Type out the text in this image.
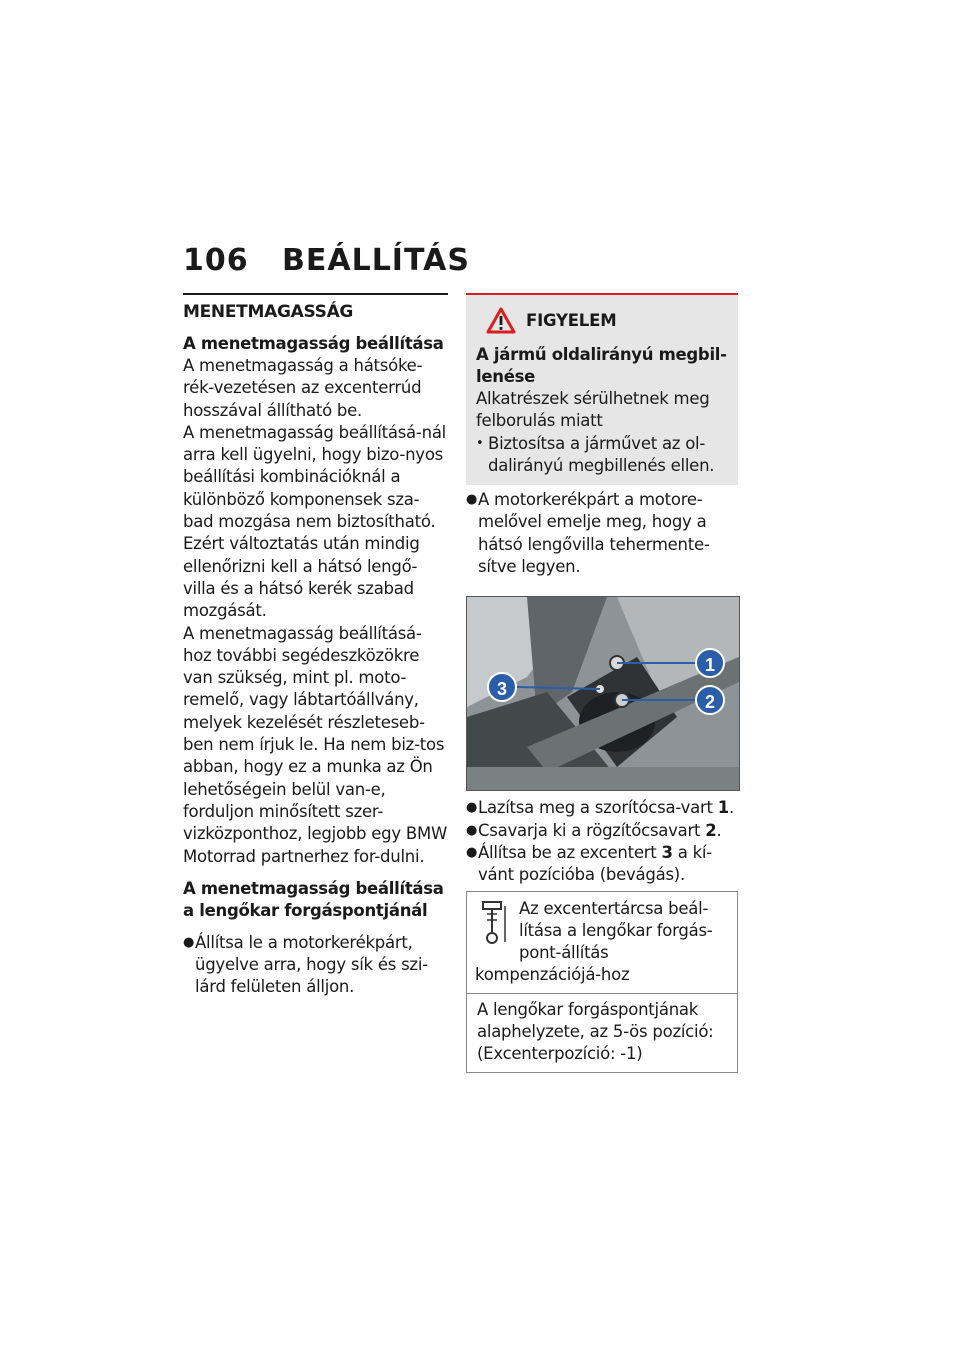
106 BEÁLLÍTÁS
MENETMAGASSÁG
A menetmagasság beállítása
A menetmagasság a hátsóke-rék-vezetésen az excenterrúd hosszával állítható be.
A menetmagasság beállításá-nál arra kell ügyelni, hogy bizo-nyos beállítási kombinációknál a különböző komponensek sza-bad mozgása nem biztosítható. Ezért változtatás után mindig ellenőrizni kell a hátsó lengő-villa és a hátsó kerék szabad mozgását.
A menetmagasság beállításá-hoz további segédeszközökre van szükség, mint pl. moto-remelő, vagy lábtartóállvány, melyek kezelését részleteseb-ben nem írjuk le. Ha nem biz-tos abban, hogy ez a munka az Ön lehetőségein belül van-e, forduljon minősített szer-vizközponthoz, legjobb egy BMW Motorrad partnerhez for-dulni.
A menetmagasság beállítása a lengőkar forgáspontjánál
● Állítsa le a motorkerékpárt, ügyelve arra, hogy sík és szi-lárd felületen álljon.
FIGYELEM
A jármű oldalirányú megbil-lenése
Alkatrészek sérülhetnek meg felborulás miatt
• Biztosítsa a járművet az ol-dalirányú megbillenés ellen.
● A motorkerékpárt a motore-melővel emelje meg, hogy a hátsó lengővilla tehermente-sítve legyen.
1
2
3
● Lazítsa meg a szorítócsa-vart 1.
● Csavarja ki a rögzítőcsavart 2.
● Állítsa be az excentert 3 a kí-vánt pozícióba (bevágás).
Az excentertárcsa beál-lítása a lengőkar forgás-pont-állítás kompenzációjá-hoz
A lengőkar forgáspontjának alaphelyzete, az 5-ös pozíció: (Excenterpozíció: -1)
